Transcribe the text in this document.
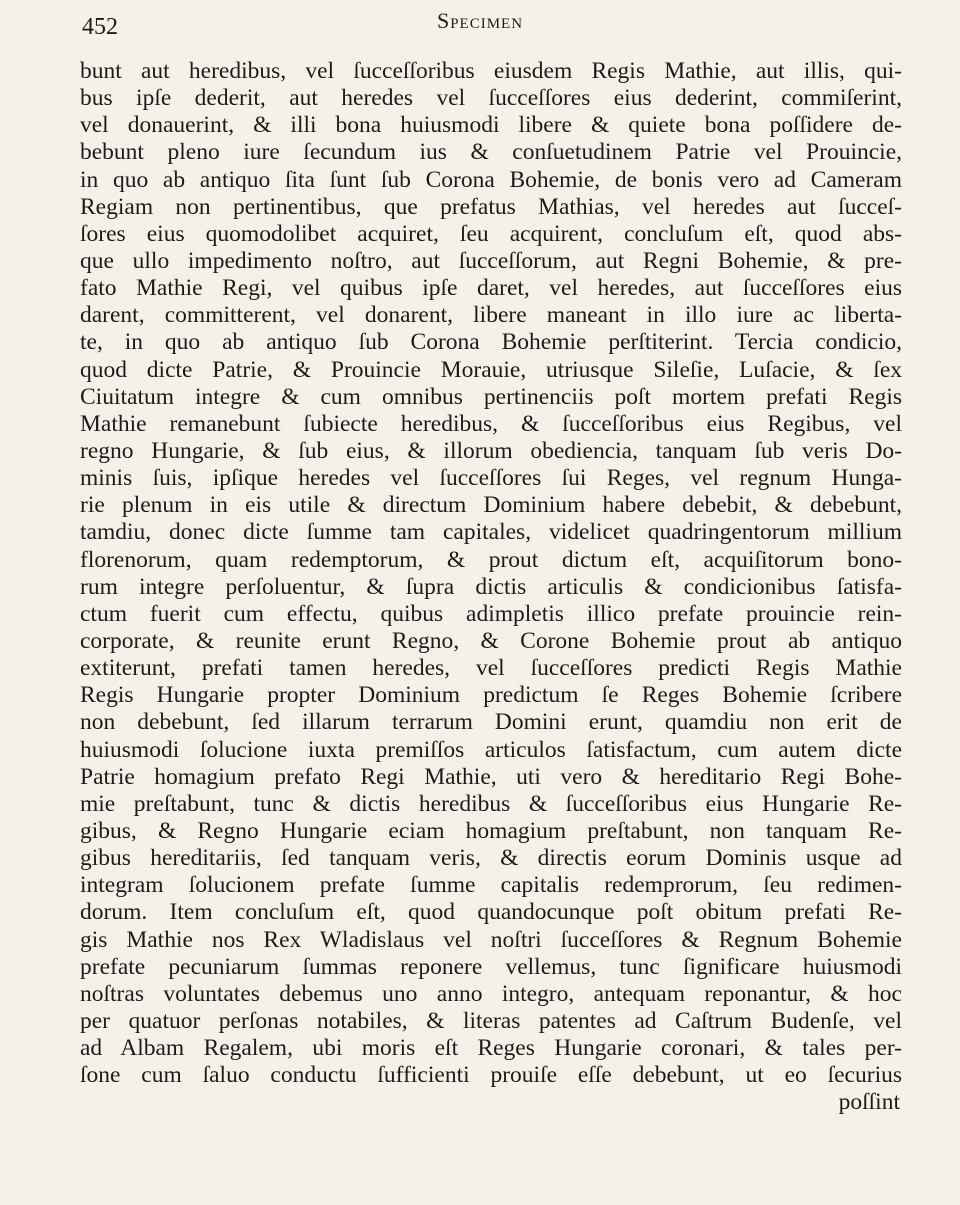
452	Specimen
bunt aut heredibus, vel ſucceſſoribus eiusdem Regis Mathie, aut illis, qui-
bus ipſe dederit, aut heredes vel ſucceſſores eius dederint, commiſerint,
vel donauerint, & illi bona huiusmodi libere & quiete bona poſſidere de-
bebunt pleno iure ſecundum ius & conſuetudinem Patrie vel Prouincie,
in quo ab antiquo ſita ſunt ſub Corona Bohemie, de bonis vero ad Cameram
Regiam non pertinentibus, que prefatus Mathias, vel heredes aut ſucceſ-
ſores eius quomodolibet acquiret, ſeu acquirent, concluſum eſt, quod abs-
que ullo impedimento noſtro, aut ſucceſſorum, aut Regni Bohemie, & pre-
fato Mathie Regi, vel quibus ipſe daret, vel heredes, aut ſucceſſores eius
darent, committerent, vel donarent, libere maneant in illo iure ac liberta-
te, in quo ab antiquo ſub Corona Bohemie perſtiterint. Tercia condicio,
quod dicte Patrie, & Prouincie Morauie, utriusque Sileſie, Luſacie, & ſex
Ciuitatum integre & cum omnibus pertinenciis poſt mortem prefati Regis
Mathie remanebunt ſubiecte heredibus, & ſucceſſoribus eius Regibus, vel
regno Hungarie, & ſub eius, & illorum obediencia, tanquam ſub veris Do-
minis ſuis, ipſique heredes vel ſucceſſores ſui Reges, vel regnum Hunga-
rie plenum in eis utile & directum Dominium habere debebit, & debebunt,
tamdiu, donec dicte ſumme tam capitales, videlicet quadringentorum millium
florenorum, quam redemptorum, & prout dictum eſt, acquiſitorum bono-
rum integre perſoluentur, & ſupra dictis articulis & condicionibus ſatisfa-
ctum fuerit cum effectu, quibus adimpletis illico prefate prouincie rein-
corporate, & reunite erunt Regno, & Corone Bohemie prout ab antiquo
extiterunt, prefati tamen heredes, vel ſucceſſores predicti Regis Mathie
Regis Hungarie propter Dominium predictum ſe Reges Bohemie ſcribere
non debebunt, ſed illarum terrarum Domini erunt, quamdiu non erit de
huiusmodi ſolucione iuxta premiſſos articulos ſatisfactum, cum autem dicte
Patrie homagium prefato Regi Mathie, uti vero & hereditario Regi Bohe-
mie preſtabunt, tunc & dictis heredibus & ſucceſſoribus eius Hungarie Re-
gibus, & Regno Hungarie eciam homagium preſtabunt, non tanquam Re-
gibus hereditariis, ſed tanquam veris, & directis eorum Dominis usque ad
integram ſolucionem prefate ſumme capitalis redemprorum, ſeu redimen-
dorum. Item concluſum eſt, quod quandocunque poſt obitum prefati Re-
gis Mathie nos Rex Wladislaus vel noſtri ſucceſſores & Regnum Bohemie
prefate pecuniarum ſummas reponere vellemus, tunc ſignificare huiusmodi
noſtras voluntates debemus uno anno integro, antequam reponantur, & hoc
per quatuor perſonas notabiles, & literas patentes ad Caſtrum Budenſe, vel
ad Albam Regalem, ubi moris eſt Reges Hungarie coronari, & tales per-
ſone cum ſaluo conductu ſufficienti prouiſe eſſe debebunt, ut eo ſecurius
poſſint
